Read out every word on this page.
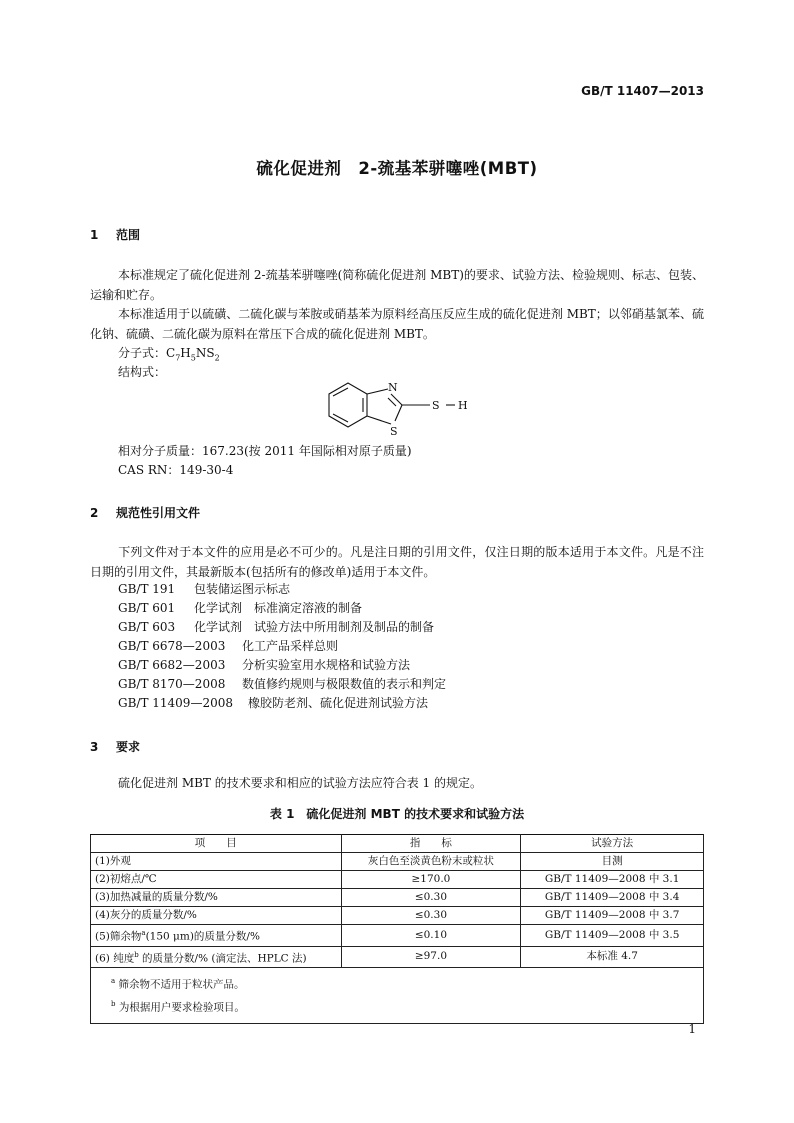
GB/T 11407—2013
硫化促进剂　2-巯基苯骈噻唑(MBT)
1 范围
本标准规定了硫化促进剂 2-巯基苯骈噻唑(简称硫化促进剂 MBT)的要求、试验方法、检验规则、标志、包装、运输和贮存。
本标准适用于以硫磺、二硫化碳与苯胺或硝基苯为原料经高压反应生成的硫化促进剂 MBT；以邻硝基氯苯、硫化钠、硫磺、二硫化碳为原料在常压下合成的硫化促进剂 MBT。
分子式：$C_7H_5NS_2$
结构式：
N
S
S H
相对分子质量：167.23(按 2011 年国际相对原子质量)
CAS RN：149-30-4
2 规范性引用文件
下列文件对于本文件的应用是必不可少的。凡是注日期的引用文件，仅注日期的版本适用于本文件。凡是不注日期的引用文件，其最新版本(包括所有的修改单)适用于本文件。
GB/T 191 包装储运图示标志
GB/T 601 化学试剂　标准滴定溶液的制备
GB/T 603 化学试剂　试验方法中所用制剂及制品的制备
GB/T 6678—2003 化工产品采样总则
GB/T 6682—2003 分析实验室用水规格和试验方法
GB/T 8170—2008 数值修约规则与极限数值的表示和判定
GB/T 11409—2008 橡胶防老剂、硫化促进剂试验方法
3 要求
硫化促进剂 MBT 的技术要求和相应的试验方法应符合表 1 的规定。
表 1　硫化促进剂 MBT 的技术要求和试验方法
项　　目	指　　标	试验方法
(1)外观	灰白色至淡黄色粉末或粒状	目测
(2)初熔点/℃	≥170.0	GB/T 11409—2008 中 3.1
(3)加热减量的质量分数/%	≤0.30	GB/T 11409—2008 中 3.4
(4)灰分的质量分数/%	≤0.30	GB/T 11409—2008 中 3.7
(5)筛余物$^a$(150 μm)的质量分数/%	≤0.10	GB/T 11409—2008 中 3.5
(6) 纯度$^b$ 的质量分数/% (滴定法、HPLC 法)	≥97.0	本标准 4.7

$^a$ 筛余物不适用于粒状产品。
$^b$ 为根据用户要求检验项目。		
1
